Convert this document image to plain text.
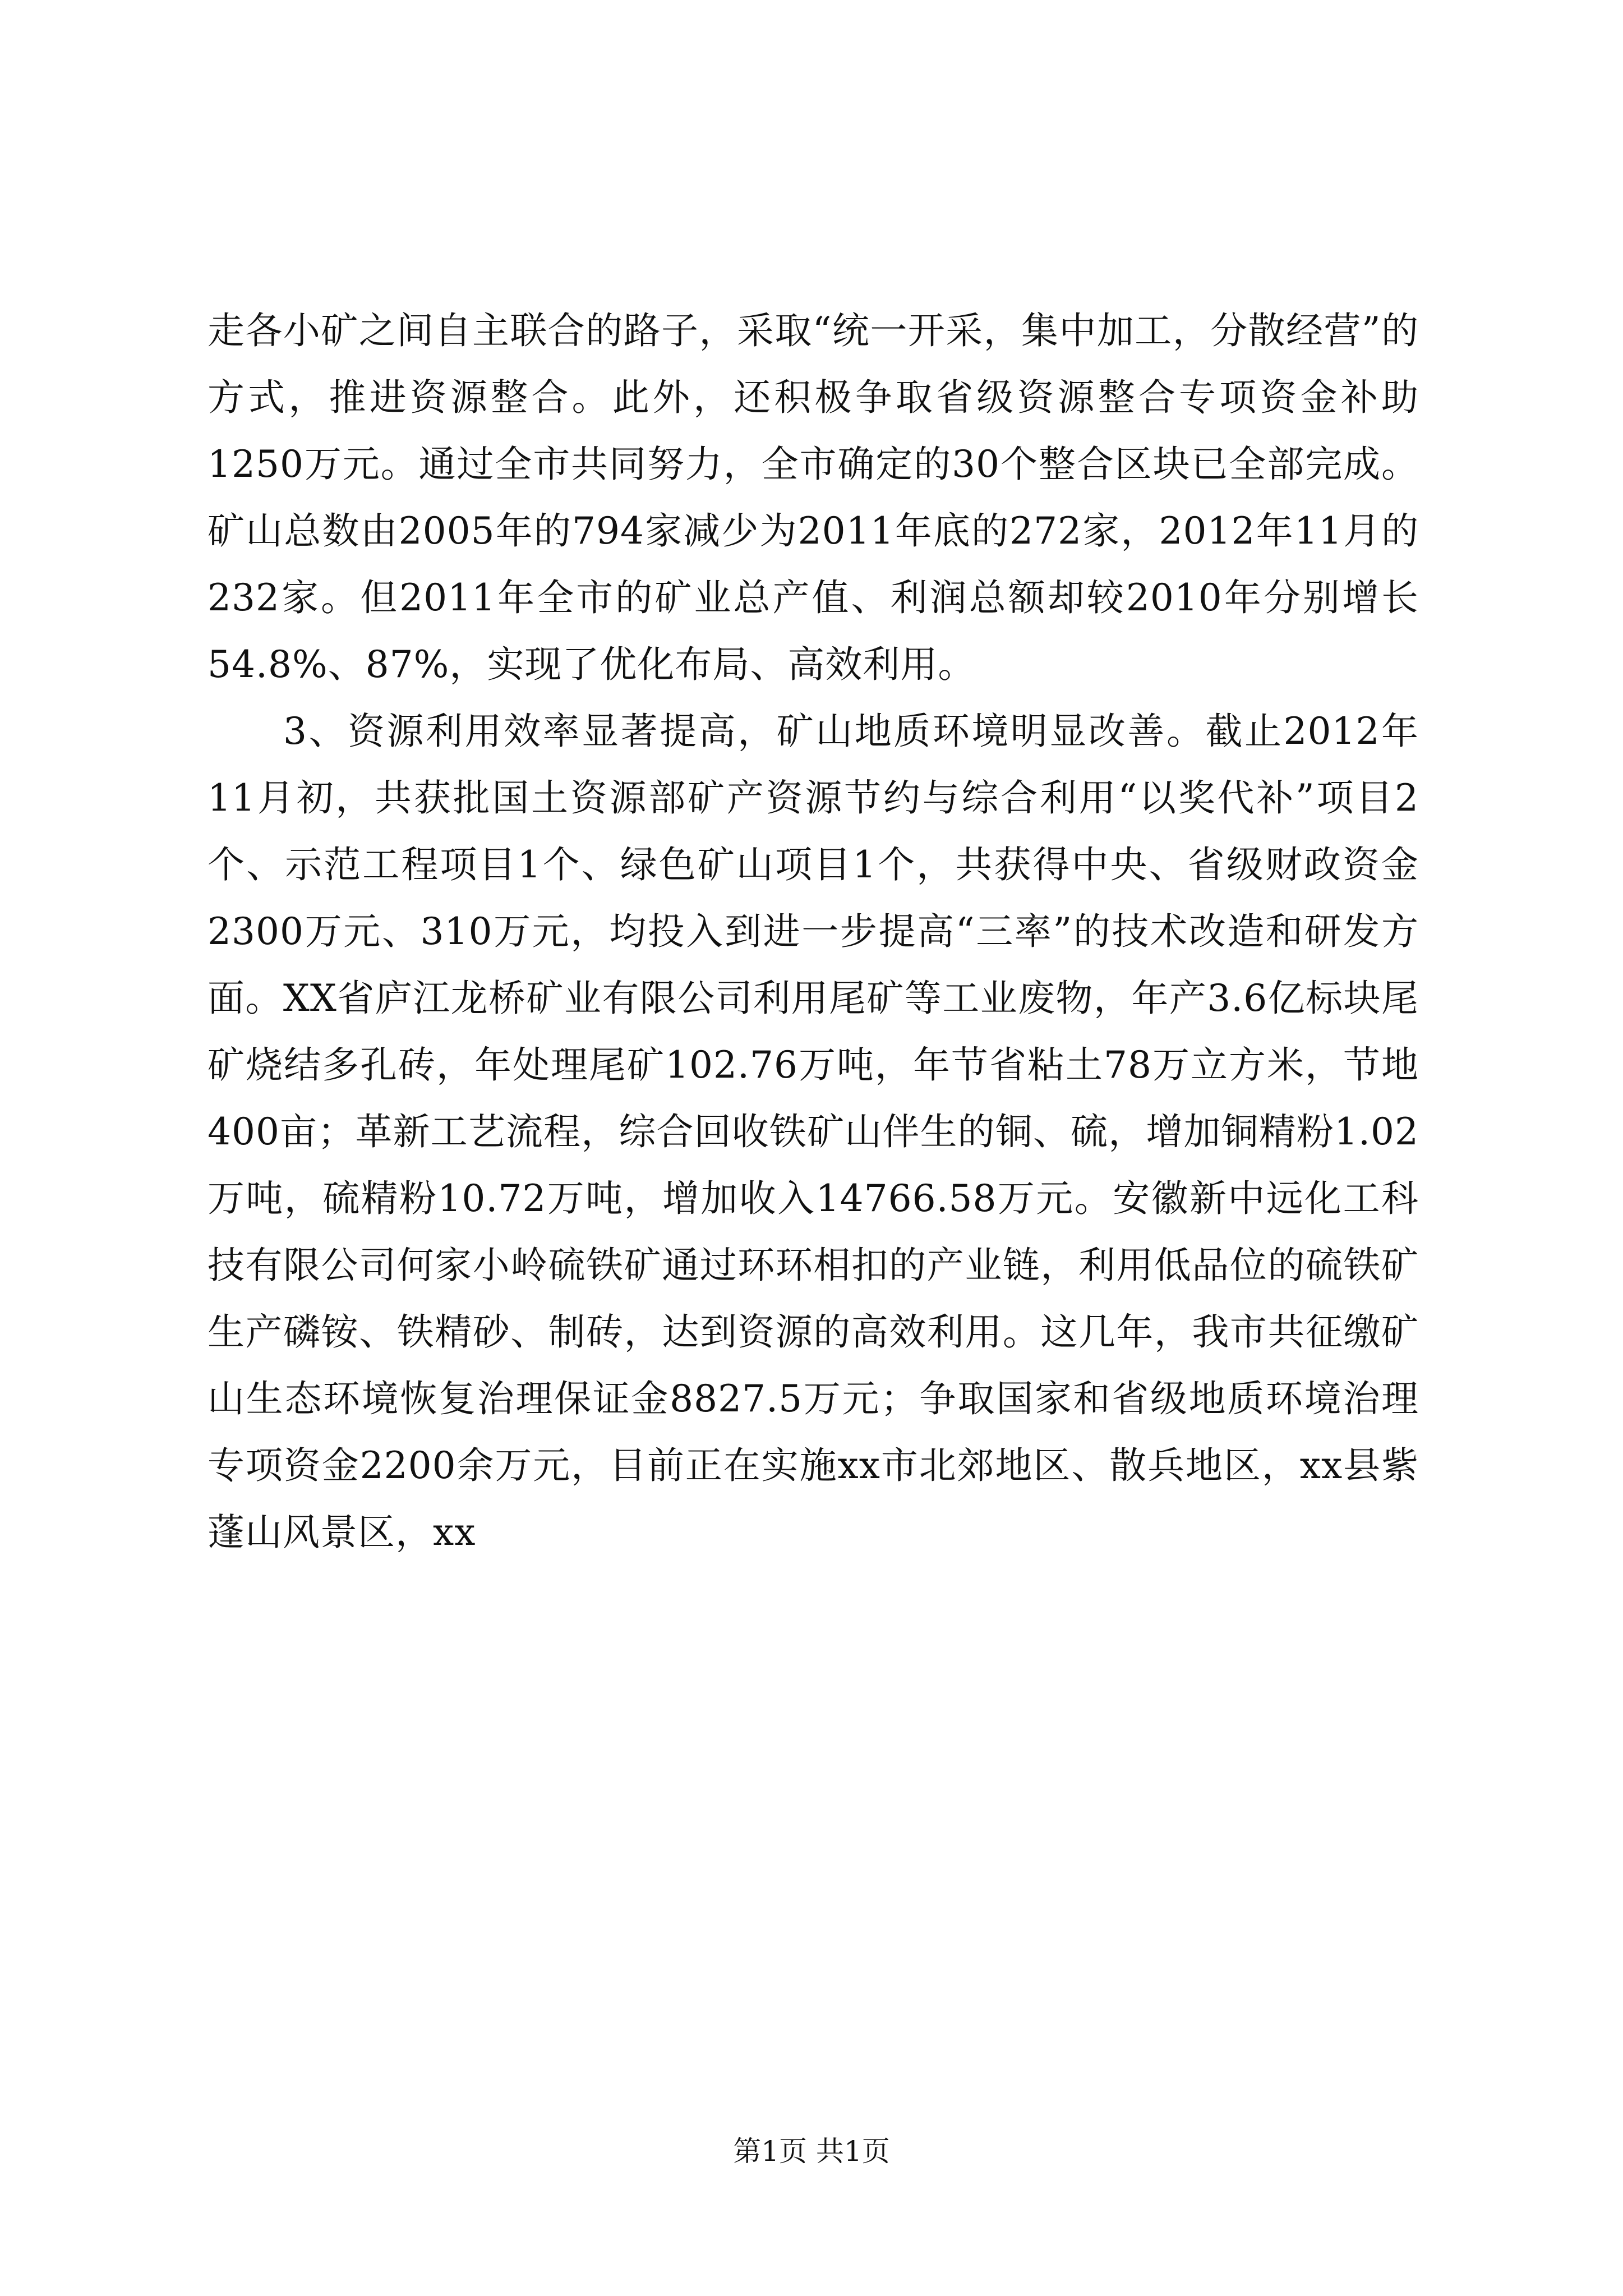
走各小矿之间自主联合的路子，采取“统一开采，集中加工，分散经营”的方式，推进资源整合。此外，还积极争取省级资源整合专项资金补助1250万元。通过全市共同努力，全市确定的30个整合区块已全部完成。矿山总数由2005年的794家减少为2011年底的272家，2012年11月的232家。但2011年全市的矿业总产值、利润总额却较2010年分别增长54.8%、87%，实现了优化布局、高效利用。

3、资源利用效率显著提高，矿山地质环境明显改善。截止2012年11月初，共获批国土资源部矿产资源节约与综合利用“以奖代补”项目2个、示范工程项目1个、绿色矿山项目1个，共获得中央、省级财政资金2300万元、310万元，均投入到进一步提高“三率”的技术改造和研发方面。XX省庐江龙桥矿业有限公司利用尾矿等工业废物，年产3.6亿标块尾矿烧结多孔砖，年处理尾矿102.76万吨，年节省粘土78万立方米，节地400亩；革新工艺流程，综合回收铁矿山伴生的铜、硫，增加铜精粉1.02万吨，硫精粉10.72万吨，增加收入14766.58万元。安徽新中远化工科技有限公司何家小岭硫铁矿通过环环相扣的产业链，利用低品位的硫铁矿生产磷铵、铁精砂、制砖，达到资源的高效利用。这几年，我市共征缴矿山生态环境恢复治理保证金8827.5万元；争取国家和省级地质环境治理专项资金2200余万元，目前正在实施xx市北郊地区、散兵地区，xx县紫蓬山风景区，xx

第1页 共1页
